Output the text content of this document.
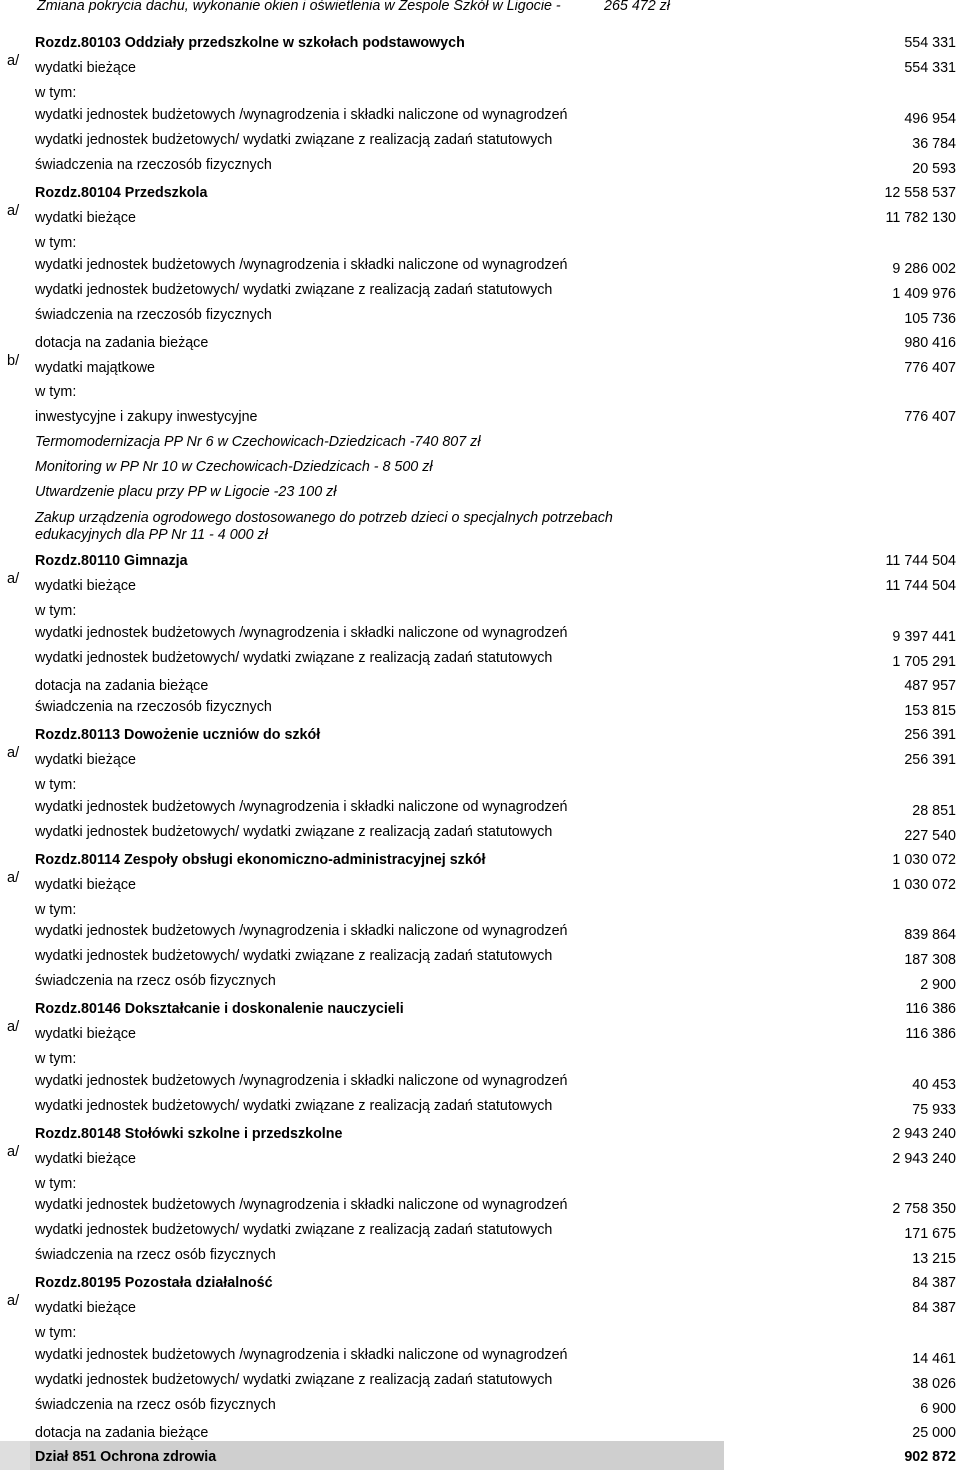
Zmiana pokrycia dachu, wykonanie okien i oświetlenia w Zespole Szkół w Ligocie -	265 472 zł
Rozdz.80103 Oddziały przedszkolne w szkołach podstawowych	554 331
a/ wydatki bieżące	554 331
w tym:
wydatki jednostek budżetowych /wynagrodzenia i składki naliczone od wynagrodzeń	496 954
wydatki jednostek budżetowych/ wydatki związane z realizacją zadań statutowych	36 784
świadczenia na rzeczosób fizycznych	20 593
Rozdz.80104 Przedszkola	12 558 537
a/ wydatki bieżące	11 782 130
w tym:
wydatki jednostek budżetowych /wynagrodzenia i składki naliczone od wynagrodzeń	9 286 002
wydatki jednostek budżetowych/ wydatki związane z realizacją zadań statutowych	1 409 976
świadczenia na rzeczosób fizycznych	105 736
dotacja na zadania bieżące	980 416
b/ wydatki majątkowe	776 407
w tym:
inwestycyjne i zakupy inwestycyjne	776 407
Termomodernizacja PP Nr 6 w Czechowicach-Dziedzicach -740 807 zł
Monitoring w PP Nr 10 w Czechowicach-Dziedzicach - 8 500 zł
Utwardzenie placu przy PP w Ligocie -23 100 zł
Zakup urządzenia ogrodowego dostosowanego do potrzeb dzieci o specjalnych potrzebach edukacyjnych dla PP Nr 11 - 4 000 zł
Rozdz.80110 Gimnazja	11 744 504
a/ wydatki bieżące	11 744 504
w tym:
wydatki jednostek budżetowych /wynagrodzenia i składki naliczone od wynagrodzeń	9 397 441
wydatki jednostek budżetowych/ wydatki związane z realizacją zadań statutowych	1 705 291
dotacja na zadania bieżące	487 957
świadczenia na rzeczosób fizycznych	153 815
Rozdz.80113 Dowożenie uczniów do szkół	256 391
a/ wydatki bieżące	256 391
w tym:
wydatki jednostek budżetowych /wynagrodzenia i składki naliczone od wynagrodzeń	28 851
wydatki jednostek budżetowych/ wydatki związane z realizacją zadań statutowych	227 540
Rozdz.80114 Zespoły obsługi ekonomiczno-administracyjnej szkół	1 030 072
a/ wydatki bieżące	1 030 072
w tym:
wydatki jednostek budżetowych /wynagrodzenia i składki naliczone od wynagrodzeń	839 864
wydatki jednostek budżetowych/ wydatki związane z realizacją zadań statutowych	187 308
świadczenia na rzecz osób fizycznych	2 900
Rozdz.80146 Dokształcanie i doskonalenie nauczycieli	116 386
a/ wydatki bieżące	116 386
w tym:
wydatki jednostek budżetowych /wynagrodzenia i składki naliczone od wynagrodzeń	40 453
wydatki jednostek budżetowych/ wydatki związane z realizacją zadań statutowych	75 933
Rozdz.80148 Stołówki szkolne i przedszkolne	2 943 240
a/ wydatki bieżące	2 943 240
w tym:
wydatki jednostek budżetowych /wynagrodzenia i składki naliczone od wynagrodzeń	2 758 350
wydatki jednostek budżetowych/ wydatki związane z realizacją zadań statutowych	171 675
świadczenia na rzecz osób fizycznych	13 215
Rozdz.80195 Pozostała działalność	84 387
a/ wydatki bieżące	84 387
w tym:
wydatki jednostek budżetowych /wynagrodzenia i składki naliczone od wynagrodzeń	14 461
wydatki jednostek budżetowych/ wydatki związane z realizacją zadań statutowych	38 026
świadczenia na rzecz osób fizycznych	6 900
dotacja na zadania bieżące	25 000
Dział 851 Ochrona zdrowia	902 872
